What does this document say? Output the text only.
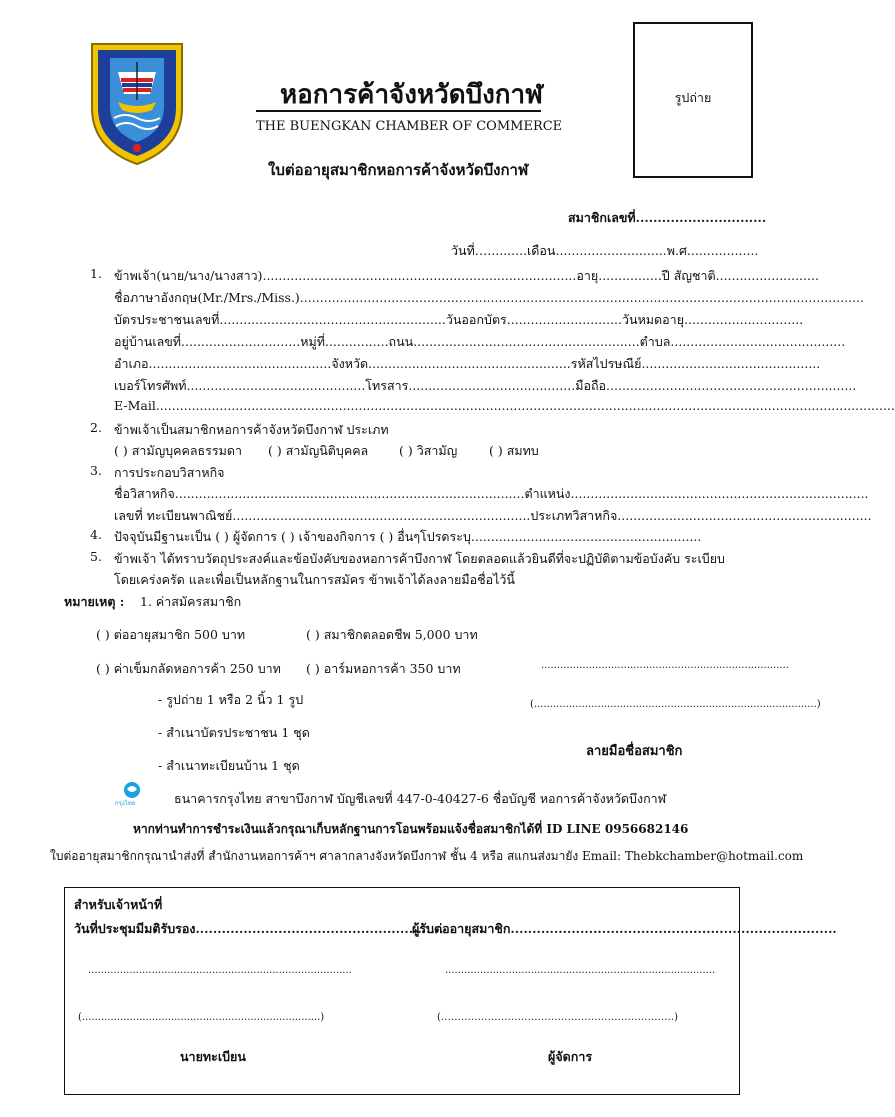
หอการค้าจังหวัดบึงกาฬ
THE BUENGKAN CHAMBER OF COMMERCE
ใบต่ออายุสมาชิกหอการค้าจังหวัดบึงกาฬ
รูปถ่าย
สมาชิกเลขที่..............................
วันที่…..........เดือน............................พ.ศ..................
1. ข้าพเจ้า(นาย/นาง/นางสาว)...............................................................................อายุ................ปี สัญชาติ..........................
ชื่อภาษาอังกฤษ(Mr./Mrs./Miss.)..............................................................................................................................................
บัตรประชาชนเลขที่.........................................................วันออกบัตร.............................วันหมดอายุ..............................
อยู่บ้านเลขที่..............................หมู่ที่................ถนน.........................................................ตำบล............................................
อำเภอ..............................................จังหวัด...................................................รหัสไปรษณีย์.............................................
เบอร์โทรศัพท์.............................................โทรสาร..........................................มือถือ...............................................................
E-Mail..........................................................................................................................................................................................
2. ข้าพเจ้าเป็นสมาชิกหอการค้าจังหวัดบึงกาฬ ประเภท
( ) สามัญบุคคลธรรมดา ( ) สามัญนิติบุคคล ( ) วิสามัญ	( ) สมทบ
3. การประกอบวิสาหกิจ
ชื่อวิสาหกิจ........................................................................................ตำแหน่ง...........................................................................
เลขที่ ทะเบียนพาณิชย์...........................................................................ประเภทวิสาหกิจ................................................................
4. ปัจจุบันมีฐานะเป็น ( ) ผู้จัดการ ( ) เจ้าของกิจการ ( ) อื่นๆโปรดระบุ..........................................................
5. ข้าพเจ้า ได้ทราบวัตถุประสงค์และข้อบังคับของหอการค้าบึงกาฬ โดยตลอดแล้วยินดีที่จะปฏิบัติตามข้อบังคับ ระเบียบ
โดยเคร่งครัด และเพื่อเป็นหลักฐานในการสมัคร ข้าพเจ้าได้ลงลายมือชื่อไว้นี้
หมายเหตุ : 1. ค่าสมัครสมาชิก
( ) ต่ออายุสมาชิก 500 บาท	( ) สมาชิกตลอดชีพ 5,000 บาท
( ) ค่าเข็มกลัดหอการค้า 250 บาท ( ) อาร์มหอการค้า 350 บาท
- รูปถ่าย 1 หรือ 2 นิ้ว 1 รูป
- สำเนาบัตรประชาชน 1 ชุด
- สำเนาทะเบียนบ้าน 1 ชุด
..............................................................................
(.........................................................................................)
ลายมือชื่อสมาชิก
กรุงไทย	ธนาคารกรุงไทย สาขาบึงกาฬ บัญชีเลขที่ 447-0-40427-6 ชื่อบัญชี หอการค้าจังหวัดบึงกาฬ
หากท่านทำการชำระเงินแล้วกรุณาเก็บหลักฐานการโอนพร้อมแจ้งชื่อสมาชิกได้ที่ ID LINE 0956682146
ใบต่ออายุสมาชิกกรุณานำส่งที่ สำนักงานหอการค้าฯ ศาลากลางจังหวัดบึงกาฬ ชั้น 4 หรือ สแกนส่งมายัง Email: Thebkchamber@hotmail.com
สำหรับเจ้าหน้าที่
วันที่ประชุมมีมติรับรอง.........................................................
ผู้รับต่ออายุสมาชิก...........................................................................
...................................................................................	.....................................................................................
(...........................................................................)	(…………………………………………………………….)
นายทะเบียน	ผู้จัดการ
